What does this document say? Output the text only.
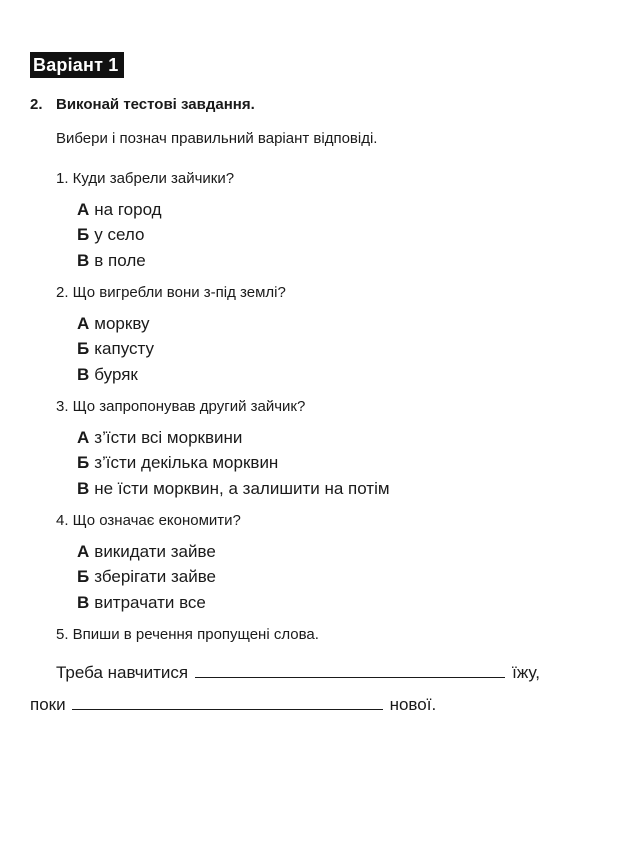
Варіант 1
2. Виконай тестові завдання.
Вибери і познач правильний варіант відповіді.
1. Куди забрели зайчики?
А на город
Б у село
В в поле
2. Що вигребли вони з-під землі?
А моркву
Б капусту
В буряк
3. Що запропонував другий зайчик?
А з’їсти всі морквини
Б з’їсти декілька морквин
В не їсти морквин, а залишити на потім
4. Що означає економити?
А викидати зайве
Б зберігати зайве
В витрачати все
5. Впиши в речення пропущені слова.
Треба навчитися	їжу,
поки	нової.
